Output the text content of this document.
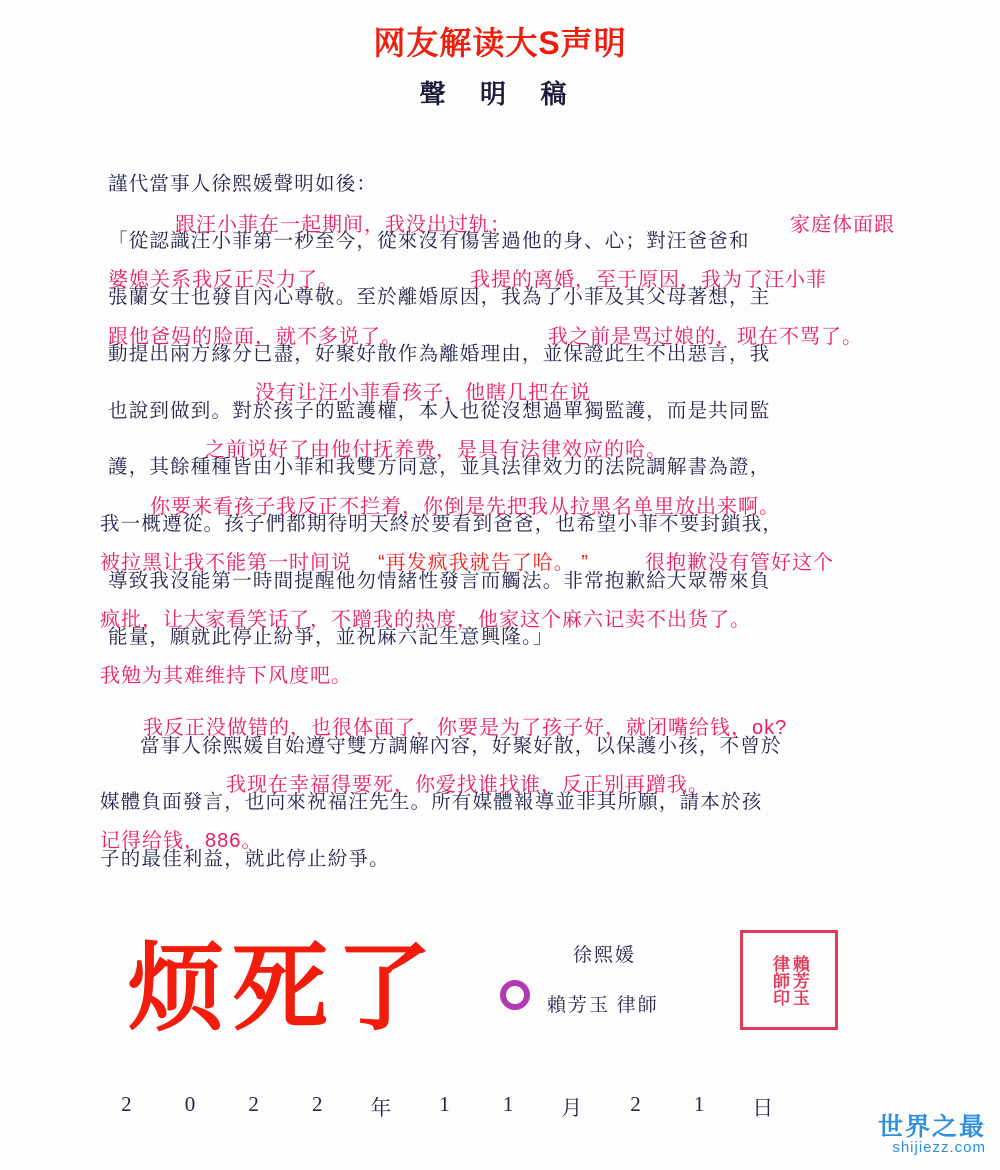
网友解读大S声明
聲 明 稿
謹代當事人徐熙媛聲明如後：
「從認識汪小菲第一秒至今，從來沒有傷害過他的身、心；對汪爸爸和
張蘭女士也發自內心尊敬。至於離婚原因，我為了小菲及其父母著想，主
動提出兩方緣分已盡，好聚好散作為離婚理由，並保證此生不出惡言，我
也說到做到。對於孩子的監護權，本人也從沒想過單獨監護，而是共同監
護，其餘種種皆由小菲和我雙方同意，並具法律效力的法院調解書為證，
我一概遵從。孩子們都期待明天終於要看到爸爸，也希望小菲不要封鎖我，
導致我沒能第一時間提醒他勿情緒性發言而觸法。非常抱歉給大眾帶來負
能量，願就此停止紛爭，並祝麻六記生意興隆。」
當事人徐熙媛自始遵守雙方調解內容，好聚好散，以保護小孩，不曾於
媒體負面發言，也向來祝福汪先生。所有媒體報導並非其所願，請本於孩
子的最佳利益，就此停止紛爭。
跟汪小菲在一起期间，我没出过轨；	家庭体面跟
婆媳关系我反正尽力了。	我提的离婚，至于原因，我为了汪小菲
跟他爸妈的脸面，就不多说了。	我之前是骂过娘的，现在不骂了。
没有让汪小菲看孩子，他瞎几把在说
之前说好了由他付抚养费，是具有法律效应的哈。
你要来看孩子我反正不拦着，你倒是先把我从拉黑名单里放出来啊。
被拉黑让我不能第一时间说 “再发疯我就告了哈。 ”	很抱歉没有管好这个
疯批，让大家看笑话了，不蹭我的热度，他家这个麻六记卖不出货了。
我勉为其难维持下风度吧。
我反正没做错的，也很体面了，你要是为了孩子好，就闭嘴给钱，ok?
我现在幸福得要死，你爱找谁找谁，反正别再蹭我。
记得给钱，886。
烦死了	徐熙媛
賴芳玉 律師	賴芳玉
律師印
2	0	2	2	年	1	1	月	2	1	日
世界之最
shijiezz.com
